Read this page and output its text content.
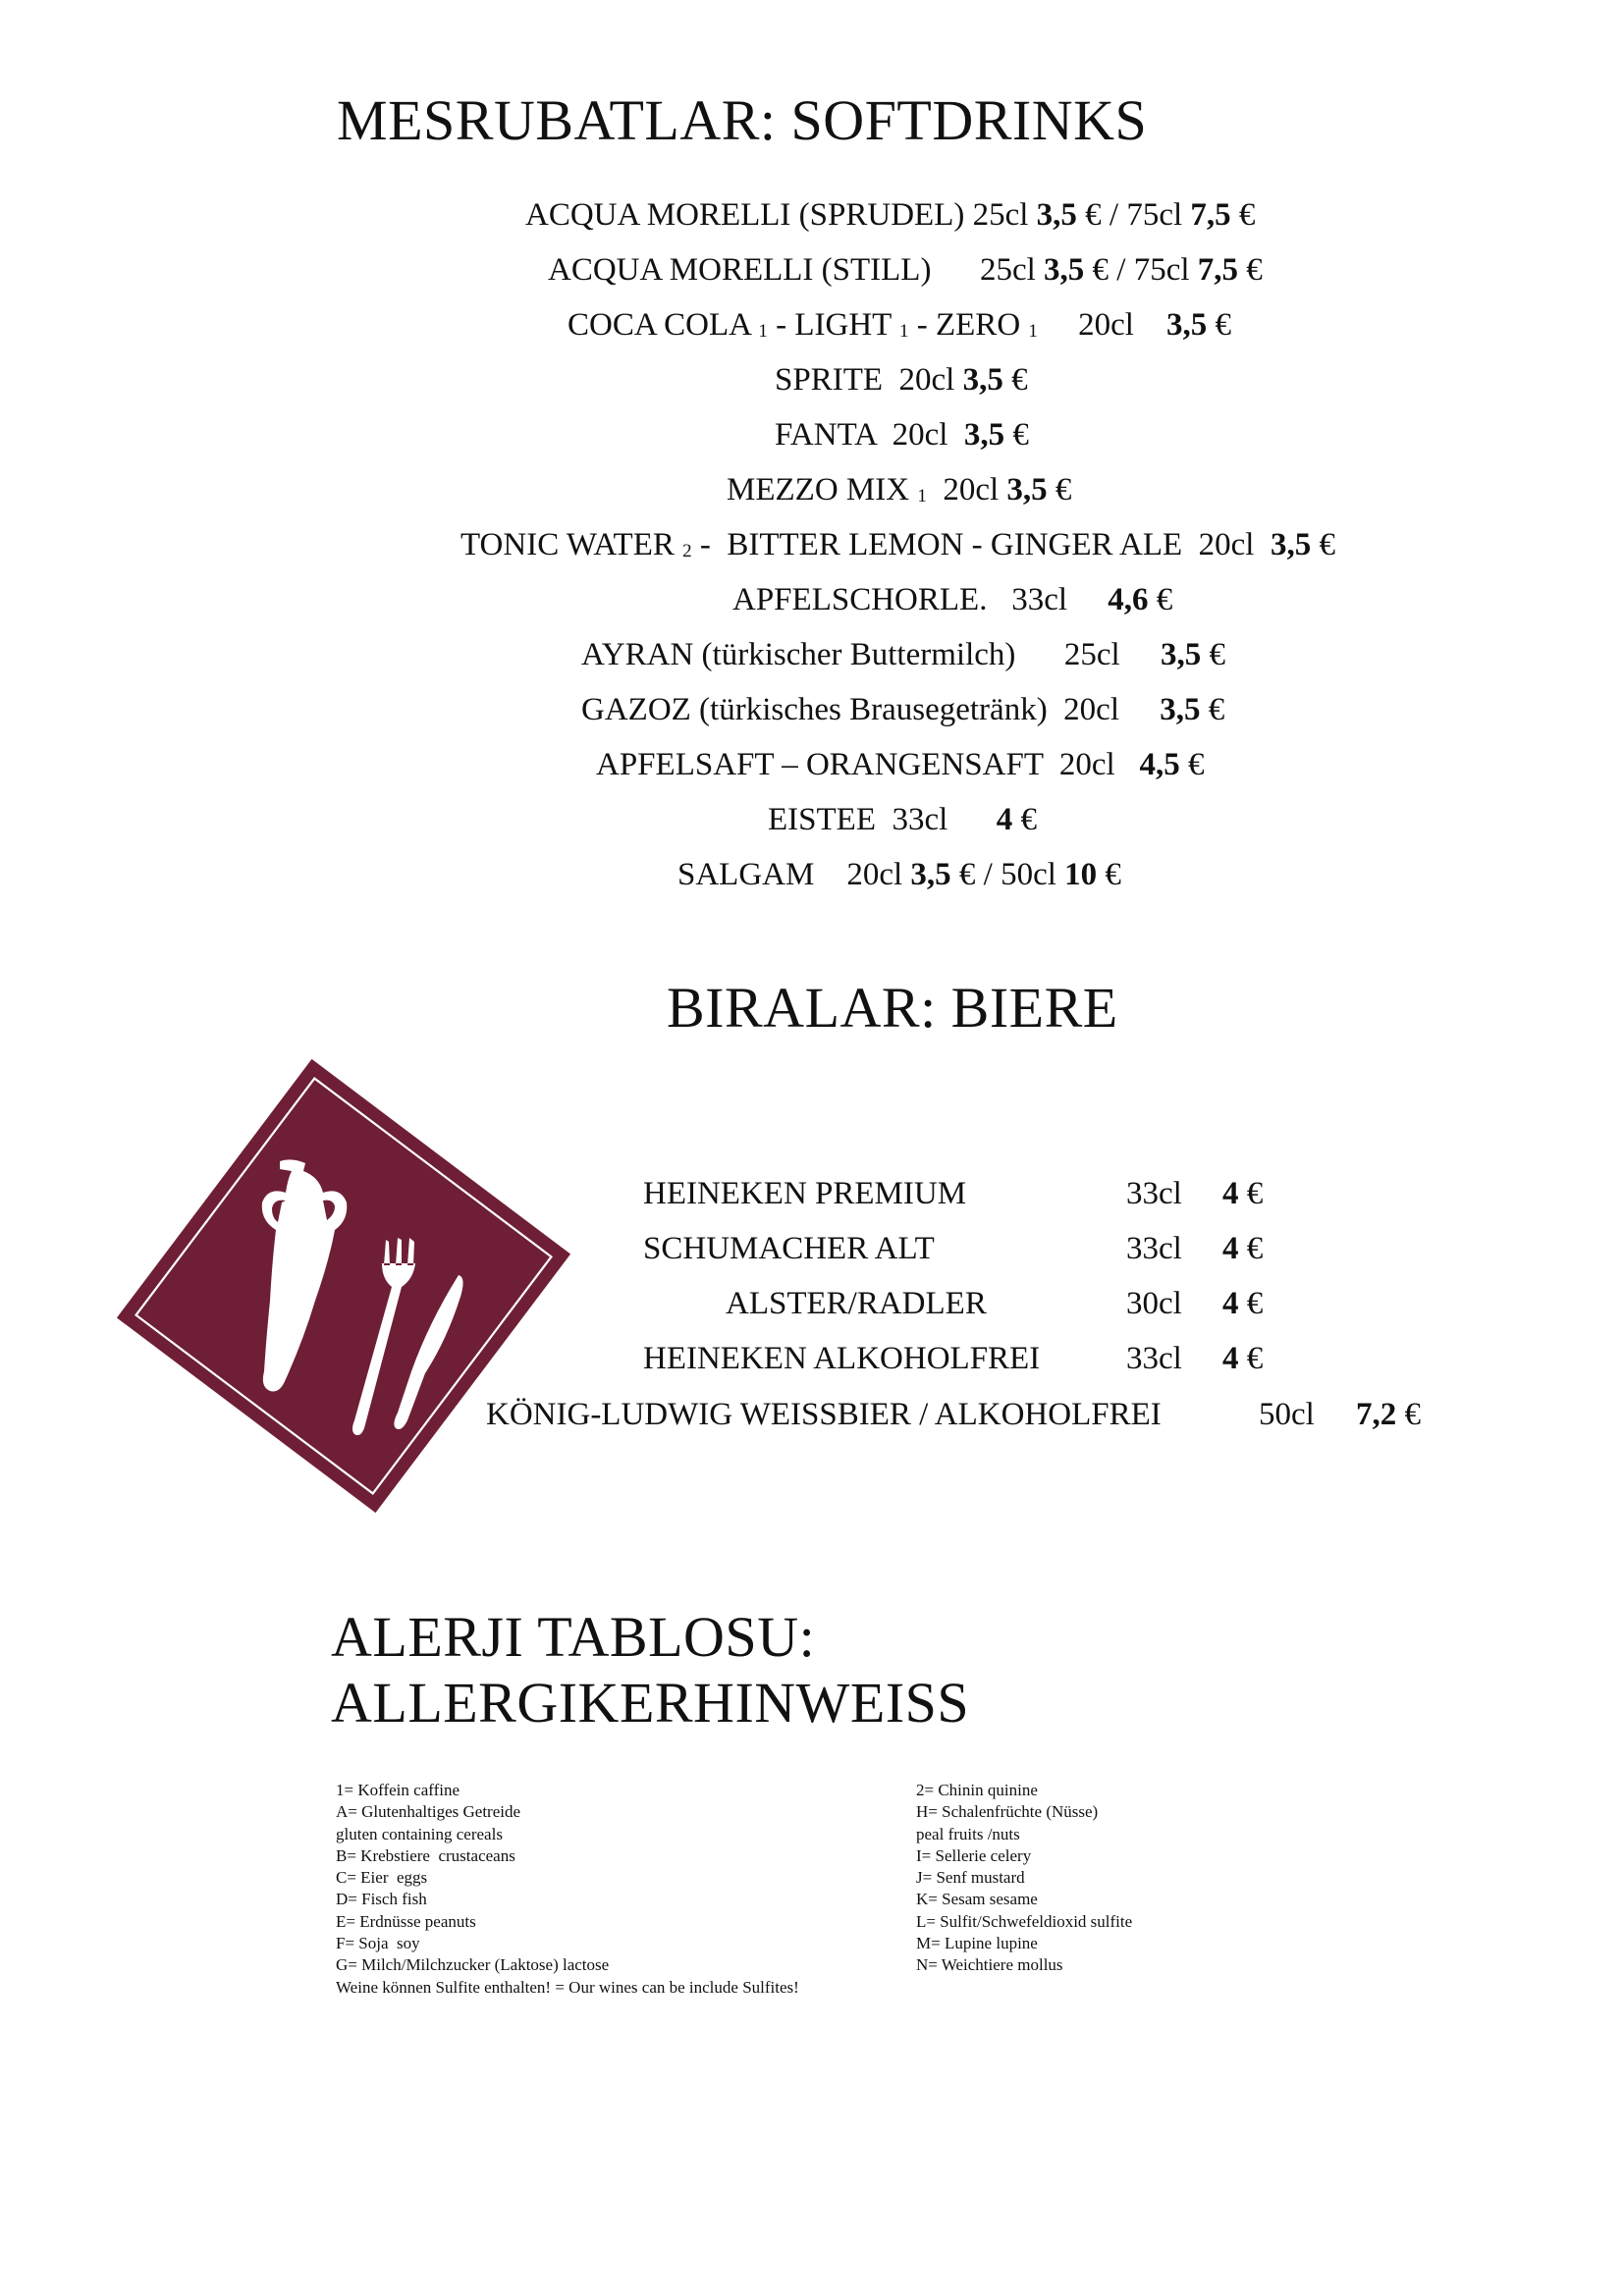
MESRUBATLAR: SOFTDRINKS
ACQUA MORELLI (SPRUDEL) 25cl 3,5 € / 75cl 7,5 €
ACQUA MORELLI (STILL)      25cl 3,5 € / 75cl 7,5 €
COCA COLA 1 - LIGHT 1 - ZERO 1     20cl    3,5 €
SPRITE  20cl 3,5 €
FANTA  20cl  3,5 €
MEZZO MIX 1  20cl 3,5 €
TONIC WATER 2 -  BITTER LEMON - GINGER ALE  20cl  3,5 €
APFELSCHORLE.   33cl     4,6 €
AYRAN (türkischer Buttermilch)      25cl     3,5 €
GAZOZ (türkisches Brausegetränk)  20cl     3,5 €
APFELSAFT – ORANGENSAFT  20cl   4,5 €
EISTEE  33cl      4 €
SALGAM    20cl 3,5 € / 50cl 10 €
BIRALAR: BIERE
HEINEKEN PREMIUM	33cl 4 €
SCHUMACHER ALT	33cl 4 €
ALSTER/RADLER	30cl 4 €
HEINEKEN ALKOHOLFREI	33cl 4 €
KÖNIG-LUDWIG WEISSBIER / ALKOHOLFREI	50cl 7,2 €
ALERJI TABLOSU:
ALLERGIKERHINWEISS
1= Koffein caffine
A= Glutenhaltiges Getreide
gluten containing cereals
B= Krebstiere  crustaceans
C= Eier  eggs
D= Fisch fish
E= Erdnüsse peanuts
F= Soja  soy
G= Milch/Milchzucker (Laktose) lactose
Weine können Sulfite enthalten! = Our wines can be include Sulfites!
2= Chinin quinine
H= Schalenfrüchte (Nüsse)
peal fruits /nuts
I= Sellerie celery
J= Senf mustard
K= Sesam sesame
L= Sulfit/Schwefeldioxid sulfite
M= Lupine lupine
N= Weichtiere mollus
